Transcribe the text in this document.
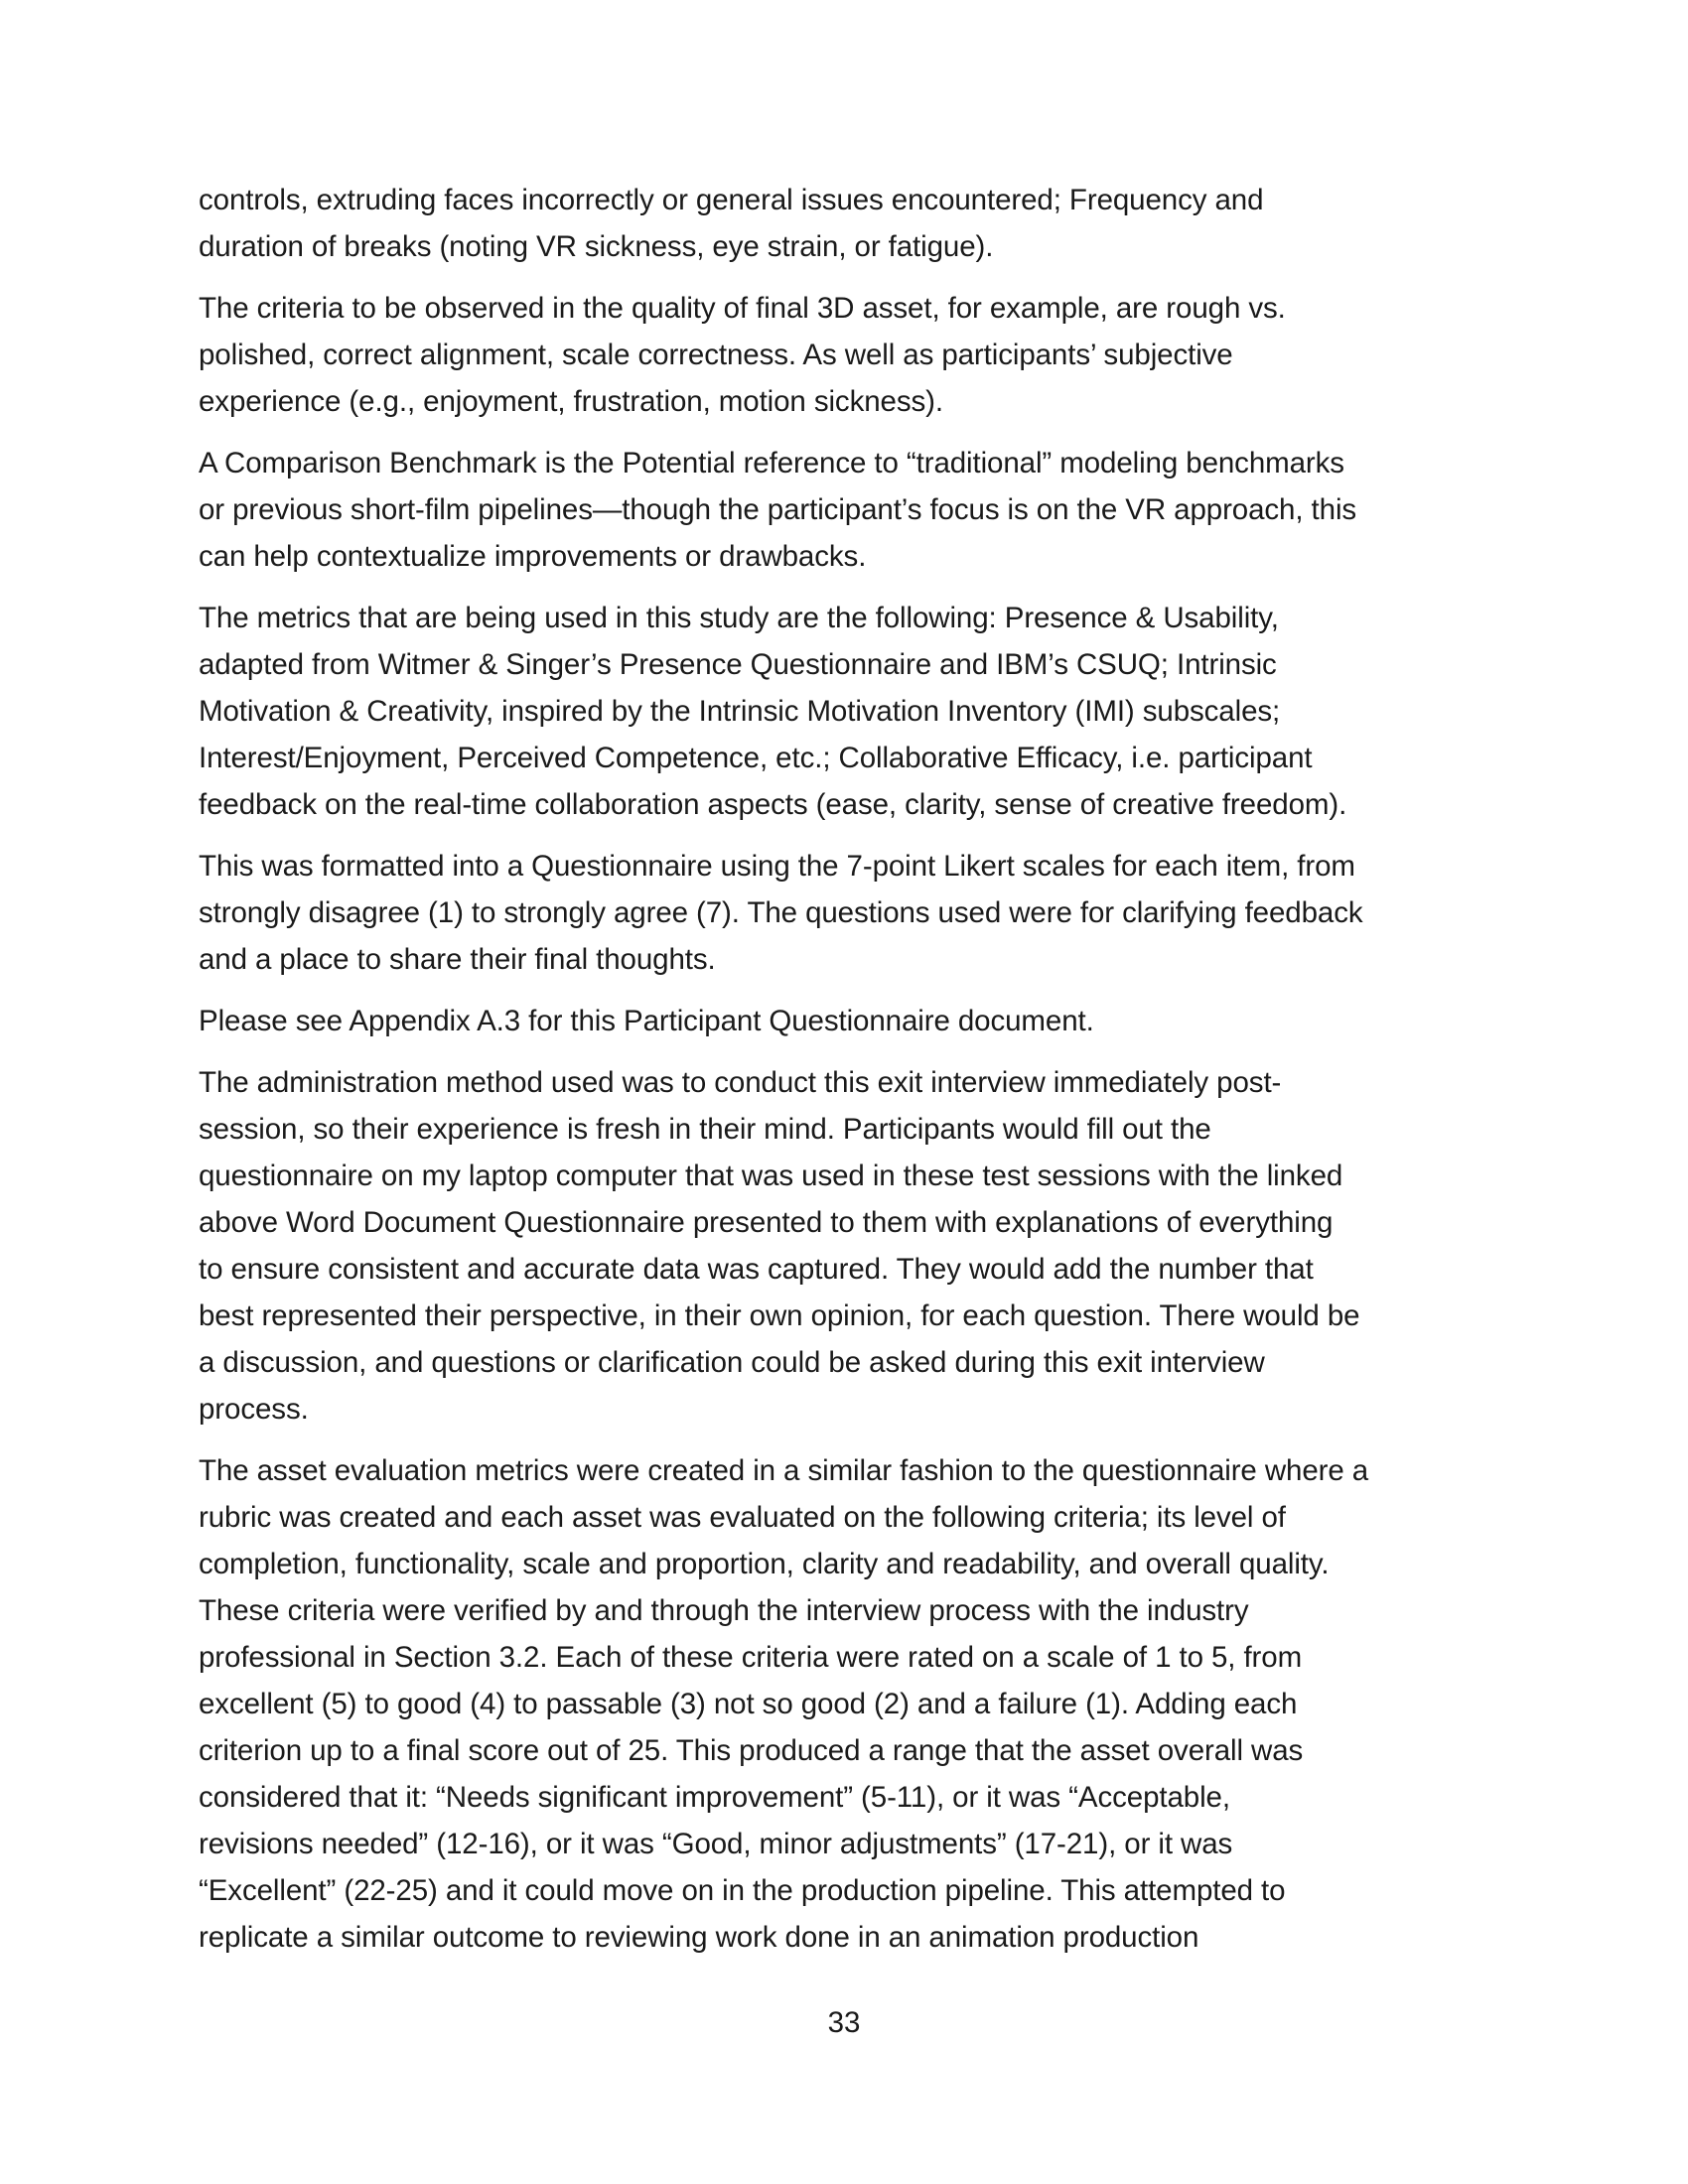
controls, extruding faces incorrectly or general issues encountered; Frequency and
duration of breaks (noting VR sickness, eye strain, or fatigue).

The criteria to be observed in the quality of final 3D asset, for example, are rough vs.
polished, correct alignment, scale correctness. As well as participants’ subjective
experience (e.g., enjoyment, frustration, motion sickness).

A Comparison Benchmark is the Potential reference to “traditional” modeling benchmarks
or previous short-film pipelines—though the participant’s focus is on the VR approach, this
can help contextualize improvements or drawbacks.

The metrics that are being used in this study are the following: Presence & Usability,
adapted from Witmer & Singer’s Presence Questionnaire and IBM’s CSUQ; Intrinsic
Motivation & Creativity, inspired by the Intrinsic Motivation Inventory (IMI) subscales;
Interest/Enjoyment, Perceived Competence, etc.; Collaborative Efficacy, i.e. participant
feedback on the real-time collaboration aspects (ease, clarity, sense of creative freedom).

This was formatted into a Questionnaire using the 7-point Likert scales for each item, from
strongly disagree (1) to strongly agree (7). The questions used were for clarifying feedback
and a place to share their final thoughts.

Please see Appendix A.3 for this Participant Questionnaire document.

The administration method used was to conduct this exit interview immediately post-
session, so their experience is fresh in their mind. Participants would fill out the
questionnaire on my laptop computer that was used in these test sessions with the linked
above Word Document Questionnaire presented to them with explanations of everything
to ensure consistent and accurate data was captured. They would add the number that
best represented their perspective, in their own opinion, for each question. There would be
a discussion, and questions or clarification could be asked during this exit interview
process.

The asset evaluation metrics were created in a similar fashion to the questionnaire where a
rubric was created and each asset was evaluated on the following criteria; its level of
completion, functionality, scale and proportion, clarity and readability, and overall quality.
These criteria were verified by and through the interview process with the industry
professional in Section 3.2. Each of these criteria were rated on a scale of 1 to 5, from
excellent (5) to good (4) to passable (3) not so good (2) and a failure (1). Adding each
criterion up to a final score out of 25. This produced a range that the asset overall was
considered that it: “Needs significant improvement” (5-11), or it was “Acceptable,
revisions needed” (12-16), or it was “Good, minor adjustments” (17-21), or it was
“Excellent” (22-25) and it could move on in the production pipeline. This attempted to
replicate a similar outcome to reviewing work done in an animation production

33
